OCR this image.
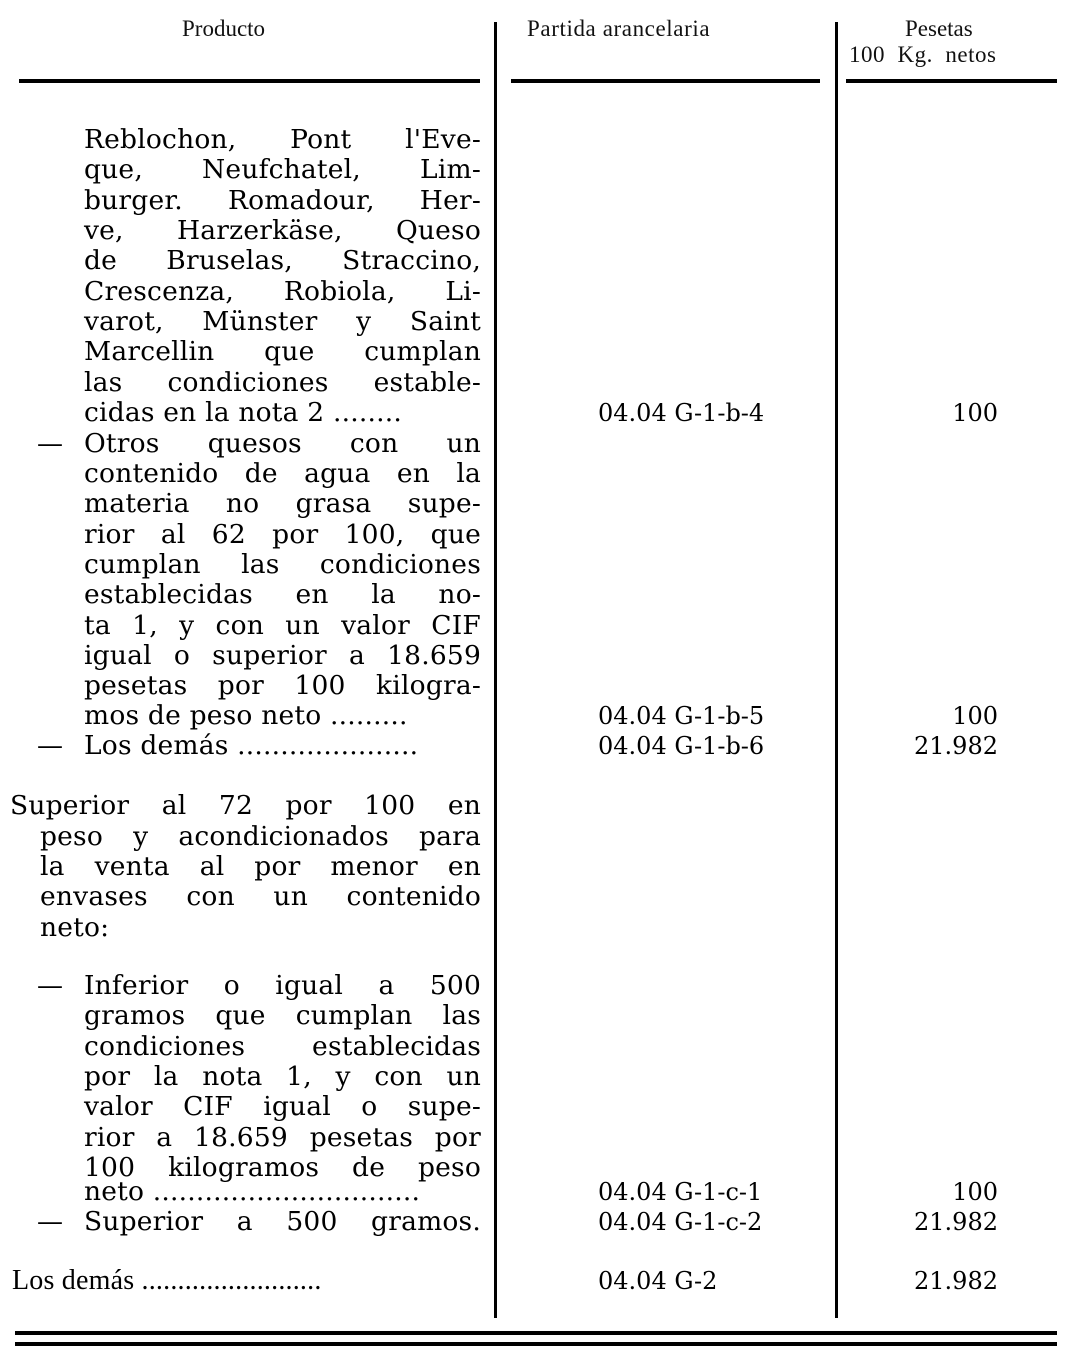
Producto	Partida arancelaria	Pesetas
100  Kg.  netos
Reblochon, Pont l'Eve-
que, Neufchatel, Lim-
burger. Romadour, Her-
ve, Harzerkäse, Queso
de Bruselas, Straccino,
Crescenza, Robiola, Li-
varot, Münster y Saint
Marcellin que cumplan
las condiciones estable-
cidas en la nota 2 ........	04.04 G-1-b-4	100
— Otros quesos con un
contenido de agua en la
materia no grasa supe-
rior al 62 por 100, que
cumplan las condiciones
establecidas en la no-
ta 1, y con un valor CIF
igual o superior a 18.659
pesetas por 100 kilogra-
mos de peso neto .........	04.04 G-1-b-5	100
— Los demás .....................	04.04 G-1-b-6	21.982
Superior al 72 por 100 en
peso y acondicionados para
la venta al por menor en
envases con un contenido
neto:
— Inferior o igual a 500
gramos que cumplan las
condiciones establecidas
por la nota 1, y con un
valor CIF igual o supe-
rior a 18.659 pesetas por
100 kilogramos de peso
neto ...............................	04.04 G-1-c-1	100
— Superior a 500 gramos.	04.04 G-1-c-2	21.982
Los demás .........................	04.04 G-2	21.982
